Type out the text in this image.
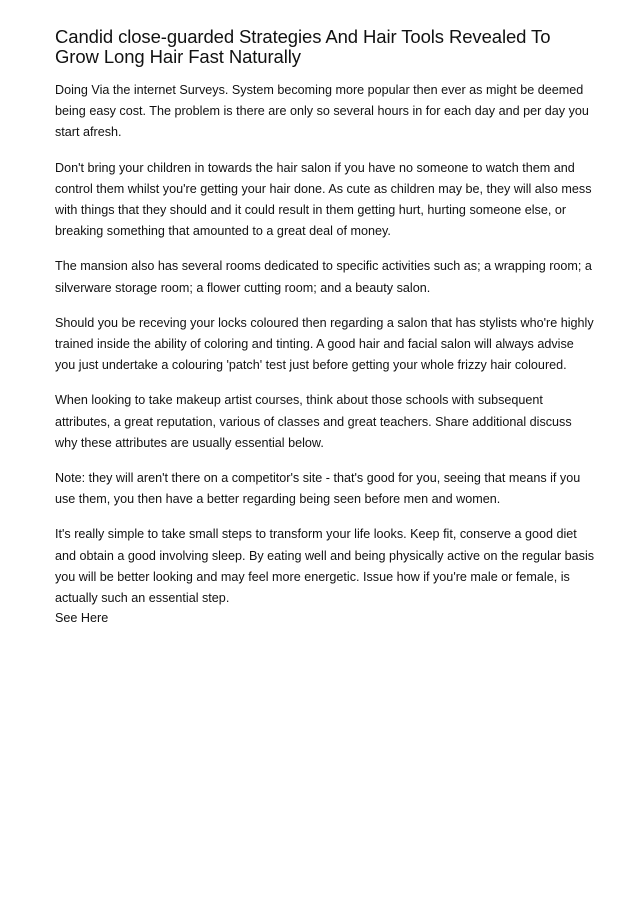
Candid close-guarded Strategies And Hair Tools Revealed To Grow Long Hair Fast Naturally

Doing Via the internet Surveys. System becoming more popular then ever as might be deemed being easy cost. The problem is there are only so several hours in for each day and per day you start afresh.

Don't bring your children in towards the hair salon if you have no someone to watch them and control them whilst you're getting your hair done. As cute as children may be, they will also mess with things that they should and it could result in them getting hurt, hurting someone else, or breaking something that amounted to a great deal of money.

The mansion also has several rooms dedicated to specific activities such as; a wrapping room; a silverware storage room; a flower cutting room; and a beauty salon.

Should you be receving your locks coloured then regarding a salon that has stylists who're highly trained inside the ability of coloring and tinting. A good hair and facial salon will always advise you just undertake a colouring 'patch' test just before getting your whole frizzy hair coloured.

When looking to take makeup artist courses, think about those schools with subsequent attributes, a great reputation, various of classes and great teachers. Share additional discuss why these attributes are usually essential below.

Note: they will aren't there on a competitor's site - that's good for you, seeing that means if you use them, you then have a better regarding being seen before men and women.

It's really simple to take small steps to transform your life looks. Keep fit, conserve a good diet and obtain a good involving sleep. By eating well and being physically active on the regular basis you will be better looking and may feel more energetic. Issue how if you're male or female, is actually such an essential step.

See Here
